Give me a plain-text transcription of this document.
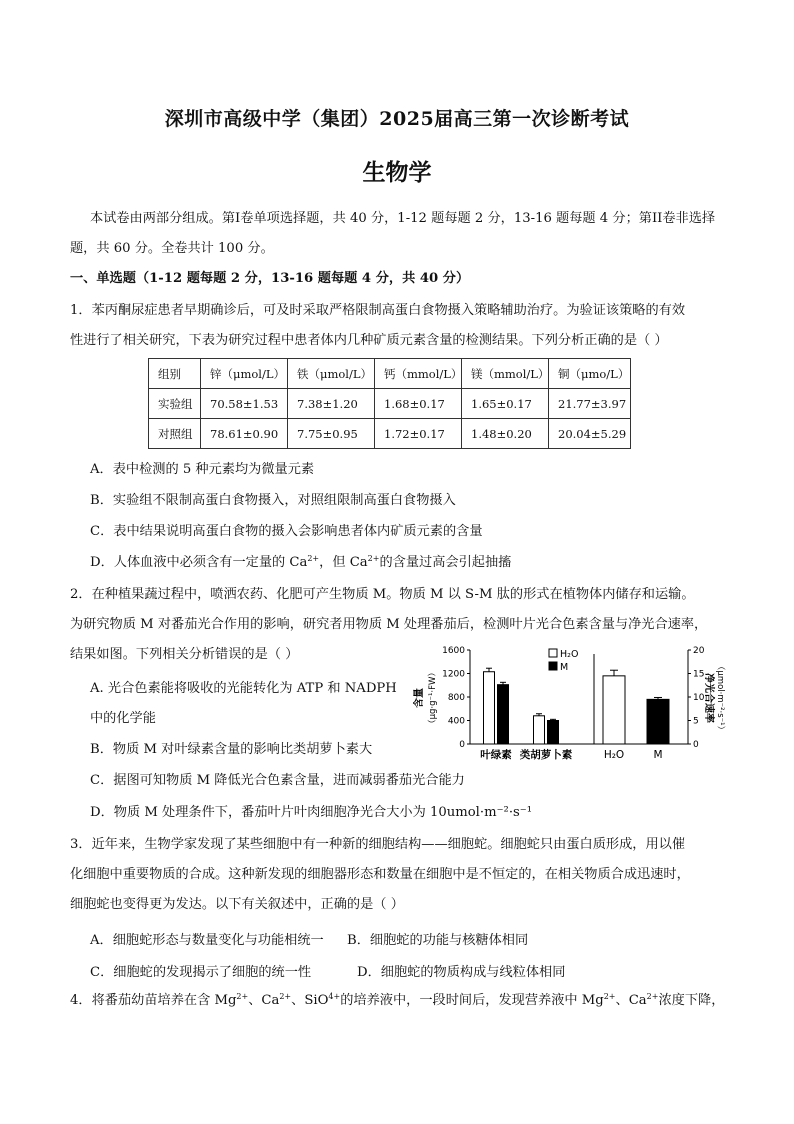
深圳市高级中学（集团）2025届高三第一次诊断考试
生物学
本试卷由两部分组成。第I卷单项选择题，共 40 分，1-12 题每题 2 分，13-16 题每题 4 分；第II卷非选择
题，共 60 分。全卷共计 100 分。
一、单选题（1-12 题每题 2 分，13-16 题每题 4 分，共 40 分）
1．苯丙酮尿症患者早期确诊后，可及时采取严格限制高蛋白食物摄入策略辅助治疗。为验证该策略的有效
性进行了相关研究，下表为研究过程中患者体内几种矿质元素含量的检测结果。下列分析正确的是（ ）
组别	锌（μmol/L）	铁（μmol/L）	钙（mmol/L）	镁（mmol/L）	铜（μmo/L）
实验组	70.58±1.53	7.38±1.20	1.68±0.17	1.65±0.17	21.77±3.97
对照组	78.61±0.90	7.75±0.95	1.72±0.17	1.48±0.20	20.04±5.29
A．表中检测的 5 种元素均为微量元素
B．实验组不限制高蛋白食物摄入，对照组限制高蛋白食物摄入
C．表中结果说明高蛋白食物的摄入会影响患者体内矿质元素的含量
D．人体血液中必须含有一定量的 $Ca^{2+}$，但 $Ca^{2+}$的含量过高会引起抽搐
2．在种植果蔬过程中，喷洒农药、化肥可产生物质 M。物质 M 以 S-M 肽的形式在植物体内储存和运输。
为研究物质 M 对番茄光合作用的影响，研究者用物质 M 处理番茄后，检测叶片光合色素含量与净光合速率，
结果如图。下列相关分析错误的是（ ）
A. 光合色素能将吸收的光能转化为 ATP 和 NADPH
中的化学能
B．物质 M 对叶绿素含量的影响比类胡萝卜素大
C．据图可知物质 M 降低光合色素含量，进而减弱番茄光合能力
D．物质 M 处理条件下，番茄叶片叶肉细胞净光合大小为 10umol·m⁻²·s⁻¹
0
400
800
1200
1600
0
5
10
15
20
含量 （μg·g⁻¹·FW）	净光合速率 （μmol·m⁻²·s⁻¹）
叶绿素 类胡萝卜素	H₂O	M
H₂O
M
3．近年来，生物学家发现了某些细胞中有一种新的细胞结构——细胞蛇。细胞蛇只由蛋白质形成，用以催
化细胞中重要物质的合成。这种新发现的细胞器形态和数量在细胞中是不恒定的，在相关物质合成迅速时，
细胞蛇也变得更为发达。以下有关叙述中，正确的是（ ）
A．细胞蛇形态与数量变化与功能相统一 B．细胞蛇的功能与核糖体相同
C．细胞蛇的发现揭示了细胞的统一性	D．细胞蛇的物质构成与线粒体相同
4．将番茄幼苗培养在含 $Mg^{2+}$、$Ca^{2+}$、SiO$^{4+}$的培养液中，一段时间后，发现营养液中 $Mg^{2+}$、$Ca^{2+}$浓度下降，
